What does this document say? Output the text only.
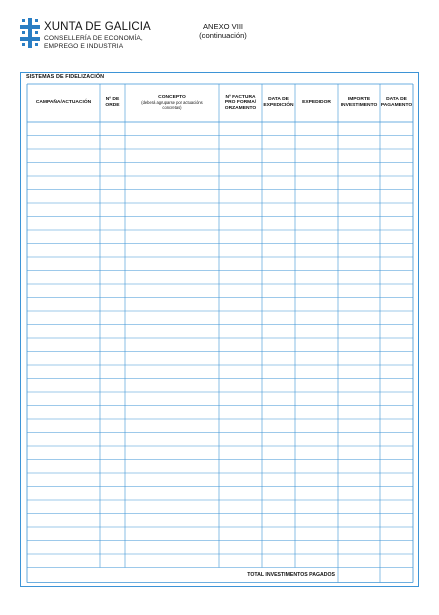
XUNTA DE GALICIA
CONSELLERÍA DE ECONOMÍA,
EMPREGO E INDUSTRIA
ANEXO VIII
(continuación)
SISTEMAS DE FIDELIZACIÓN
CAMPAÑA/ACTUACIÓN
Nº DE
ORDE
CONCEPTO
(deberá agruparse por actuacións
concretas)
Nº FACTURA
PRO FORMA/
ORZAMENTO
DATA DE
EXPEDICIÓN
EXPEDIDOR
IMPORTE
INVESTIMENTO
DATA DE
PAGAMENTO
TOTAL INVESTIMENTOS PAGADOS
